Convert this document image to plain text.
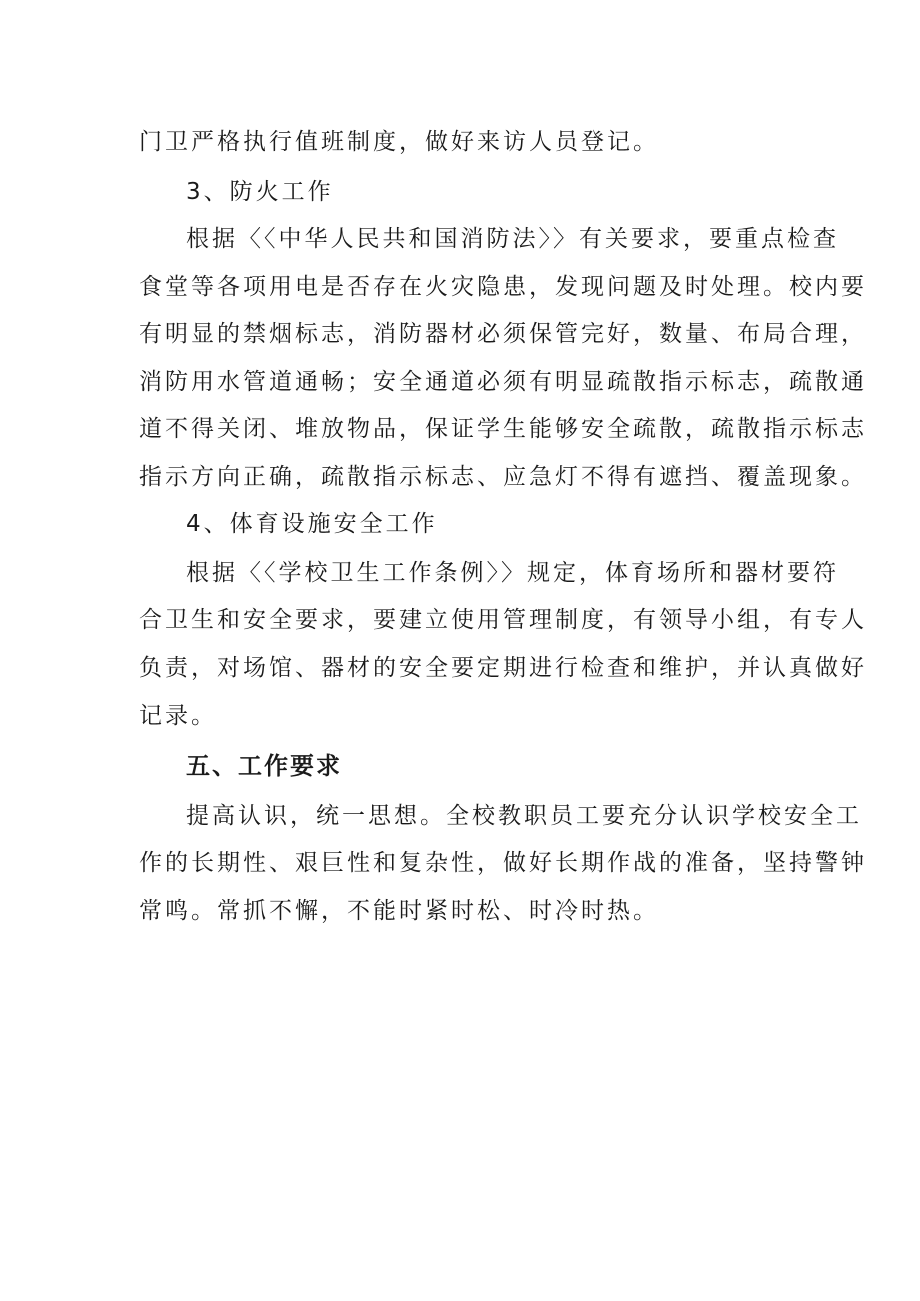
门卫严格执行值班制度，做好来访人员登记。
3、防火工作
根据〈〈中华人民共和国消防法〉〉有关要求，要重点检查
食堂等各项用电是否存在火灾隐患，发现问题及时处理。校内要
有明显的禁烟标志，消防器材必须保管完好，数量、布局合理，
消防用水管道通畅；安全通道必须有明显疏散指示标志，疏散通
道不得关闭、堆放物品，保证学生能够安全疏散，疏散指示标志
指示方向正确，疏散指示标志、应急灯不得有遮挡、覆盖现象。
4、体育设施安全工作
根据〈〈学校卫生工作条例〉〉规定，体育场所和器材要符
合卫生和安全要求，要建立使用管理制度，有领导小组，有专人
负责，对场馆、器材的安全要定期进行检查和维护，并认真做好
记录。
五、工作要求
提高认识，统一思想。全校教职员工要充分认识学校安全工
作的长期性、艰巨性和复杂性，做好长期作战的准备，坚持警钟
常鸣。常抓不懈，不能时紧时松、时冷时热。
